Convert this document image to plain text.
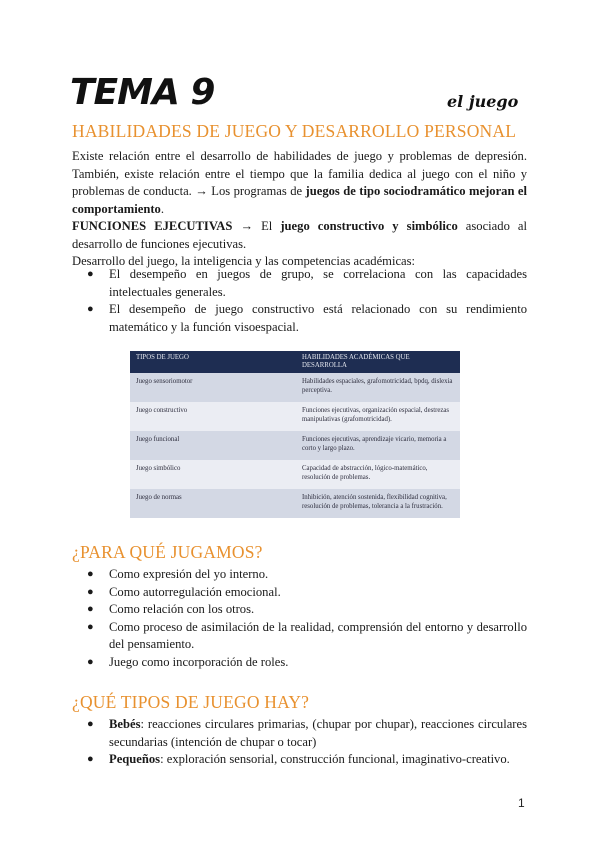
TEMA 9	el juego
HABILIDADES DE JUEGO Y DESARROLLO PERSONAL

Existe relación entre el desarrollo de habilidades de juego y problemas de depresión. También, existe relación entre el tiempo que la familia dedica al juego con el niño y problemas de conducta. → Los programas de juegos de tipo sociodramático mejoran el comportamiento.

FUNCIONES EJECUTIVAS → El juego constructivo y simbólico asociado al desarrollo de funciones ejecutivas.

Desarrollo del juego, la inteligencia y las competencias académicas:

● El desempeño en juegos de grupo, se correlaciona con las capacidades intelectuales generales.
● El desempeño de juego constructivo está relacionado con su rendimiento matemático y la función visoespacial.
TIPOS DE JUEGO	HABILIDADES ACADÉMICAS QUE DESARROLLA
Juego sensoriomotor	Habilidades espaciales, grafomotricidad, bpdq, dislexia perceptiva.
Juego constructivo	Funciones ejecutivas, organización espacial, destrezas manipulativas (grafomotricidad).
Juego funcional	Funciones ejecutivas, aprendizaje vicario, memoria a corto y largo plazo.
Juego simbólico	Capacidad de abstracción, lógico-matemático, resolución de problemas.
Juego de normas	Inhibición, atención sostenida, flexibilidad cognitiva, resolución de problemas, tolerancia a la frustración.
¿PARA QUÉ JUGAMOS?
● Como expresión del yo interno.
● Como autorregulación emocional.
● Como relación con los otros.
● Como proceso de asimilación de la realidad, comprensión del entorno y desarrollo del pensamiento.
● Juego como incorporación de roles.
¿QUÉ TIPOS DE JUEGO HAY?
● Bebés: reacciones circulares primarias, (chupar por chupar), reacciones circulares secundarias (intención de chupar o tocar)
● Pequeños: exploración sensorial, construcción funcional, imaginativo-creativo.
1
